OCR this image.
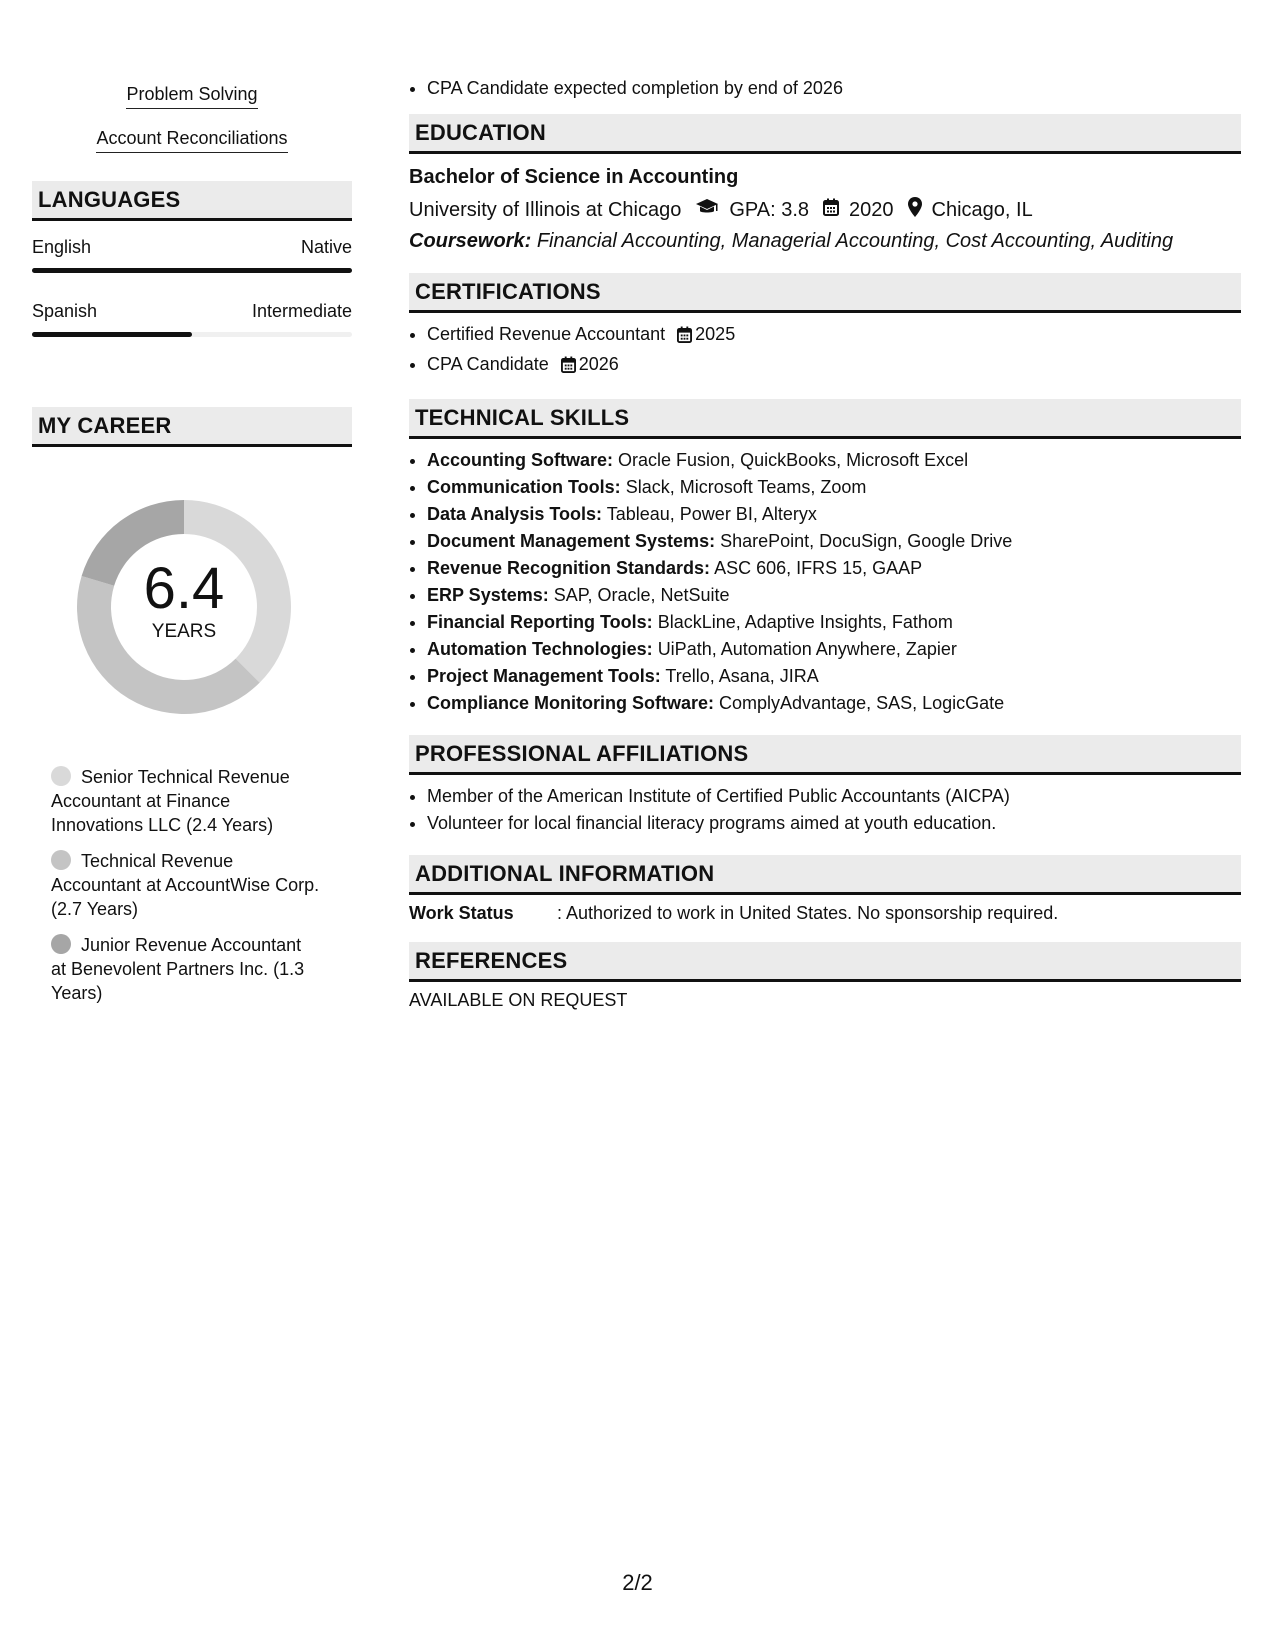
Problem Solving
Account Reconciliations
LANGUAGES
English	Native
Spanish	Intermediate
MY CAREER
6.4
YEARS
Senior Technical Revenue Accountant at Finance Innovations LLC (2.4 Years)
Technical Revenue Accountant at AccountWise Corp. (2.7 Years)
Junior Revenue Accountant at Benevolent Partners Inc. (1.3 Years)
• CPA Candidate expected completion by end of 2026
EDUCATION
Bachelor of Science in Accounting
University of Illinois at Chicago GPA: 3.8 2020 Chicago, IL
Coursework: Financial Accounting, Managerial Accounting, Cost Accounting, Auditing
CERTIFICATIONS
• Certified Revenue Accountant 2025
• CPA Candidate 2026
TECHNICAL SKILLS
• Accounting Software: Oracle Fusion, QuickBooks, Microsoft Excel
• Communication Tools: Slack, Microsoft Teams, Zoom
• Data Analysis Tools: Tableau, Power BI, Alteryx
• Document Management Systems: SharePoint, DocuSign, Google Drive
• Revenue Recognition Standards: ASC 606, IFRS 15, GAAP
• ERP Systems: SAP, Oracle, NetSuite
• Financial Reporting Tools: BlackLine, Adaptive Insights, Fathom
• Automation Technologies: UiPath, Automation Anywhere, Zapier
• Project Management Tools: Trello, Asana, JIRA
• Compliance Monitoring Software: ComplyAdvantage, SAS, LogicGate
PROFESSIONAL AFFILIATIONS
• Member of the American Institute of Certified Public Accountants (AICPA)
• Volunteer for local financial literacy programs aimed at youth education.
ADDITIONAL INFORMATION
Work Status	: Authorized to work in United States. No sponsorship required.
REFERENCES
AVAILABLE ON REQUEST
2/2
